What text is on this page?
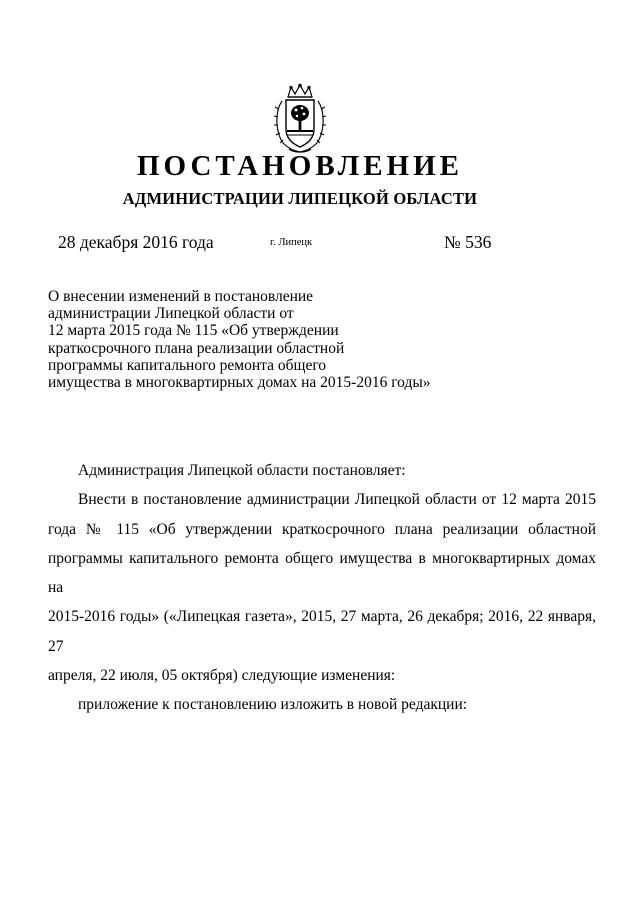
ПОСТАНОВЛЕНИЕ
АДМИНИСТРАЦИИ ЛИПЕЦКОЙ ОБЛАСТИ
28 декабря 2016 года	г. Липецк	№ 536
О внесении изменений в постановление
администрации Липецкой области от
12 марта 2015 года № 115 «Об утверждении
краткосрочного плана реализации областной
программы капитального ремонта общего
имущества в многоквартирных домах на 2015-2016 годы»
Администрация Липецкой области постановляет:
Внести в постановление администрации Липецкой области от 12 марта 2015
года № 115 «Об утверждении краткосрочного плана реализации областной
программы капитального ремонта общего имущества в многоквартирных домах на
2015-2016 годы» («Липецкая газета», 2015, 27 марта, 26 декабря; 2016, 22 января, 27
апреля, 22 июля, 05 октября) следующие изменения:
приложение к постановлению изложить в новой редакции:
